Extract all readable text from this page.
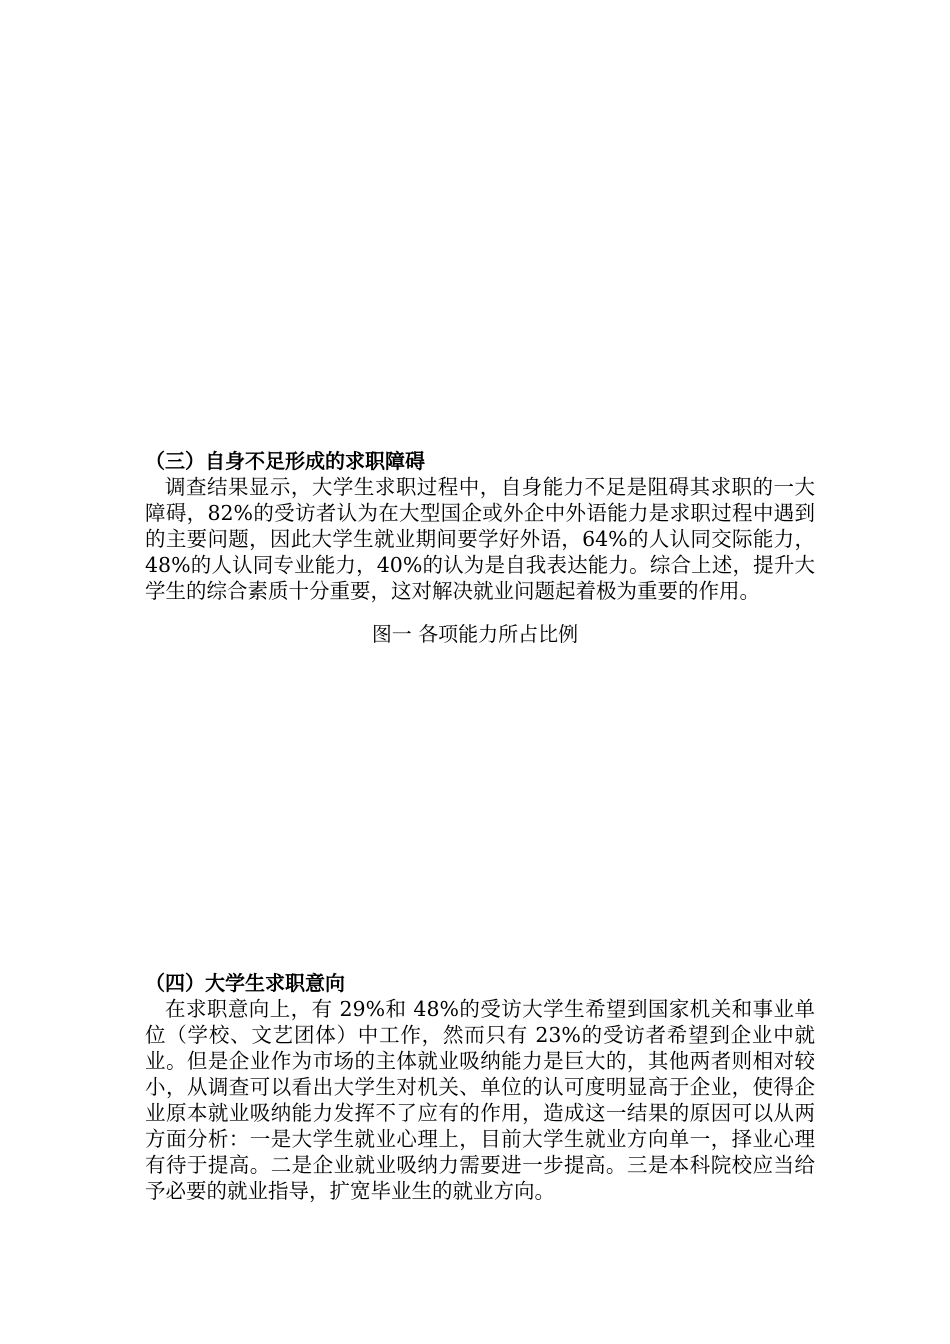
（三）自身不足形成的求职障碍

调查结果显示，大学生求职过程中，自身能力不足是阻碍其求职的一大障碍，82%的受访者认为在大型国企或外企中外语能力是求职过程中遇到的主要问题，因此大学生就业期间要学好外语，64%的人认同交际能力，48%的人认同专业能力，40%的认为是自我表达能力。综合上述，提升大学生的综合素质十分重要，这对解决就业问题起着极为重要的作用。

图一 各项能力所占比例
（四）大学生求职意向

在求职意向上，有 29%和 48%的受访大学生希望到国家机关和事业单位（学校、文艺团体）中工作，然而只有 23%的受访者希望到企业中就业。但是企业作为市场的主体就业吸纳能力是巨大的，其他两者则相对较小，从调查可以看出大学生对机关、单位的认可度明显高于企业，使得企业原本就业吸纳能力发挥不了应有的作用，造成这一结果的原因可以从两方面分析：一是大学生就业心理上，目前大学生就业方向单一，择业心理有待于提高。二是企业就业吸纳力需要进一步提高。三是本科院校应当给予必要的就业指导，扩宽毕业生的就业方向。
